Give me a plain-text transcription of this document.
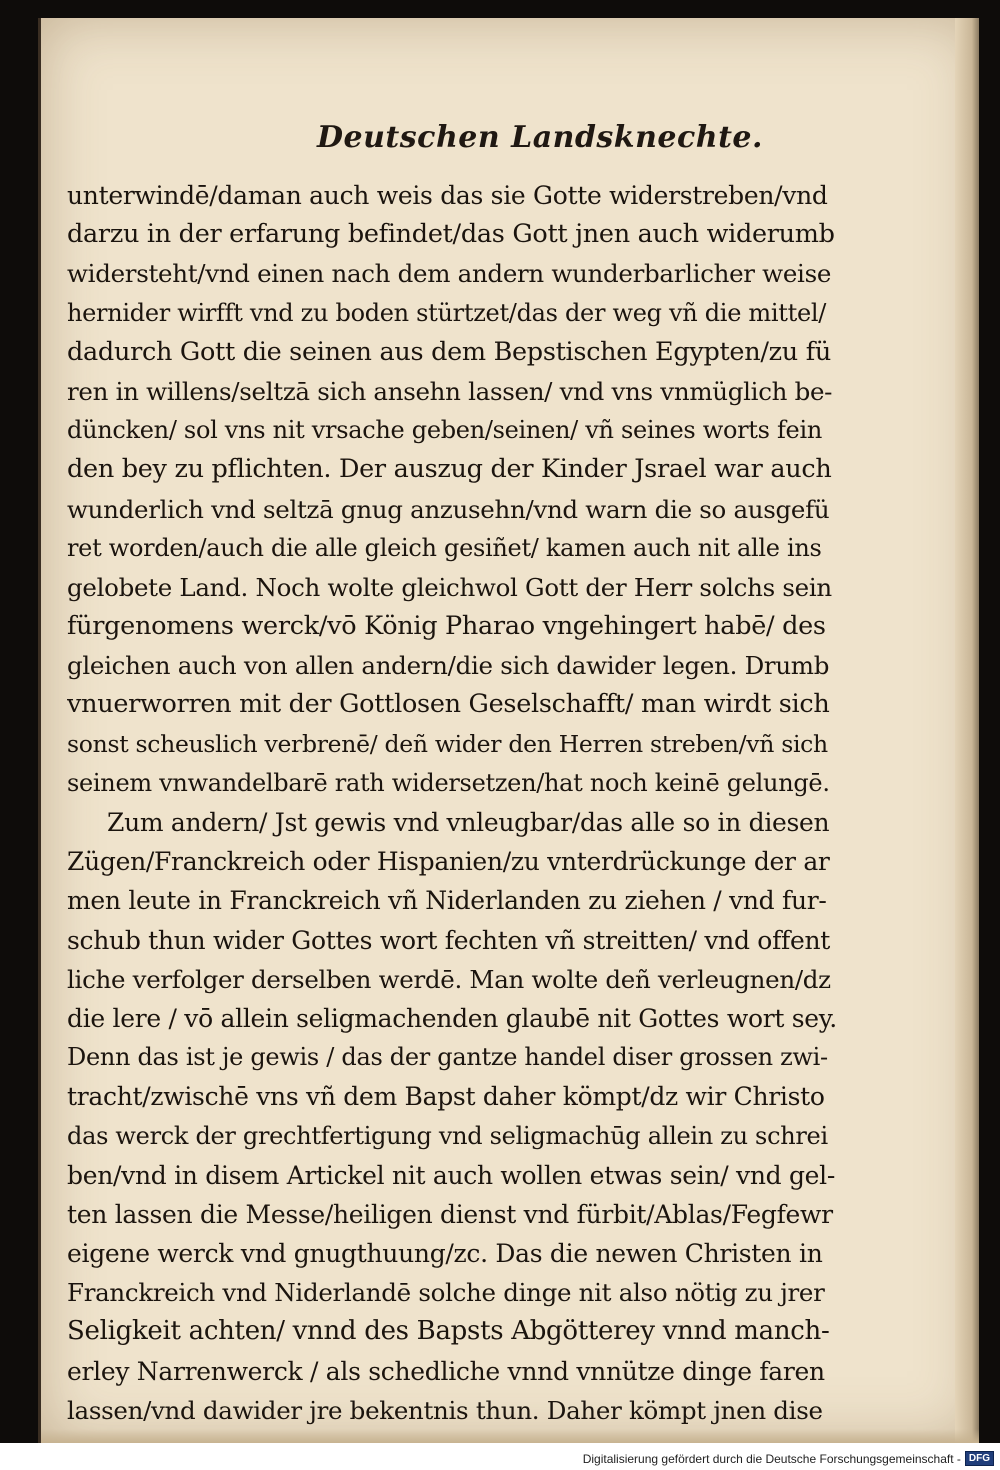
Deutschen Landsknechte.
unterwindē/daman auch weis das sie Gotte widerstreben/vnd
darzu in der erfarung befindet/das Gott jnen auch widerumb
widersteht/vnd einen nach dem andern wunderbarlicher weise
hernider wirfft vnd zu boden stürtzet/das der weg vñ die mittel/
dadurch Gott die seinen aus dem Bepstischen Egypten/zu fü
ren in willens/seltzā sich ansehn lassen/ vnd vns vnmüglich be-
düncken/ sol vns nit vrsache geben/seinen/ vñ seines worts fein
den bey zu pflichten. Der auszug der Kinder Jsrael war auch
wunderlich vnd seltzā gnug anzusehn/vnd warn die so ausgefü
ret worden/auch die alle gleich gesiñet/ kamen auch nit alle ins
gelobete Land. Noch wolte gleichwol Gott der Herr solchs sein
fürgenomens werck/vō König Pharao vngehingert habē/ des
gleichen auch von allen andern/die sich dawider legen. Drumb
vnuerworren mit der Gottlosen Geselschafft/ man wirdt sich
sonst scheuslich verbrenē/ deñ wider den Herren streben/vñ sich
seinem vnwandelbarē rath widersetzen/hat noch keinē gelungē.
Zum andern/ Jst gewis vnd vnleugbar/das alle so in diesen
Zügen/Franckreich oder Hispanien/zu vnterdrückunge der ar
men leute in Franckreich vñ Niderlanden zu ziehen / vnd fur-
schub thun wider Gottes wort fechten vñ streitten/ vnd offent
liche verfolger derselben werdē. Man wolte deñ verleugnen/dz
die lere / vō allein seligmachenden glaubē nit Gottes wort sey.
Denn das ist je gewis / das der gantze handel diser grossen zwi-
tracht/zwischē vns vñ dem Bapst daher kömpt/dz wir Christo
das werck der grechtfertigung vnd seligmachūg allein zu schrei
ben/vnd in disem Artickel nit auch wollen etwas sein/ vnd gel-
ten lassen die Messe/heiligen dienst vnd fürbit/Ablas/Fegfewr
eigene werck vnd gnugthuung/zc. Das die newen Christen in
Franckreich vnd Niderlandē solche dinge nit also nötig zu jrer
Seligkeit achten/ vnnd des Bapsts Abgötterey vnnd manch-
erley Narrenwerck / als schedliche vnnd vnnütze dinge faren
lassen/vnd dawider jre bekentnis thun. Daher kömpt jnen dise
Digitalisierung gefördert durch die Deutsche Forschungsgemeinschaft - DFG
